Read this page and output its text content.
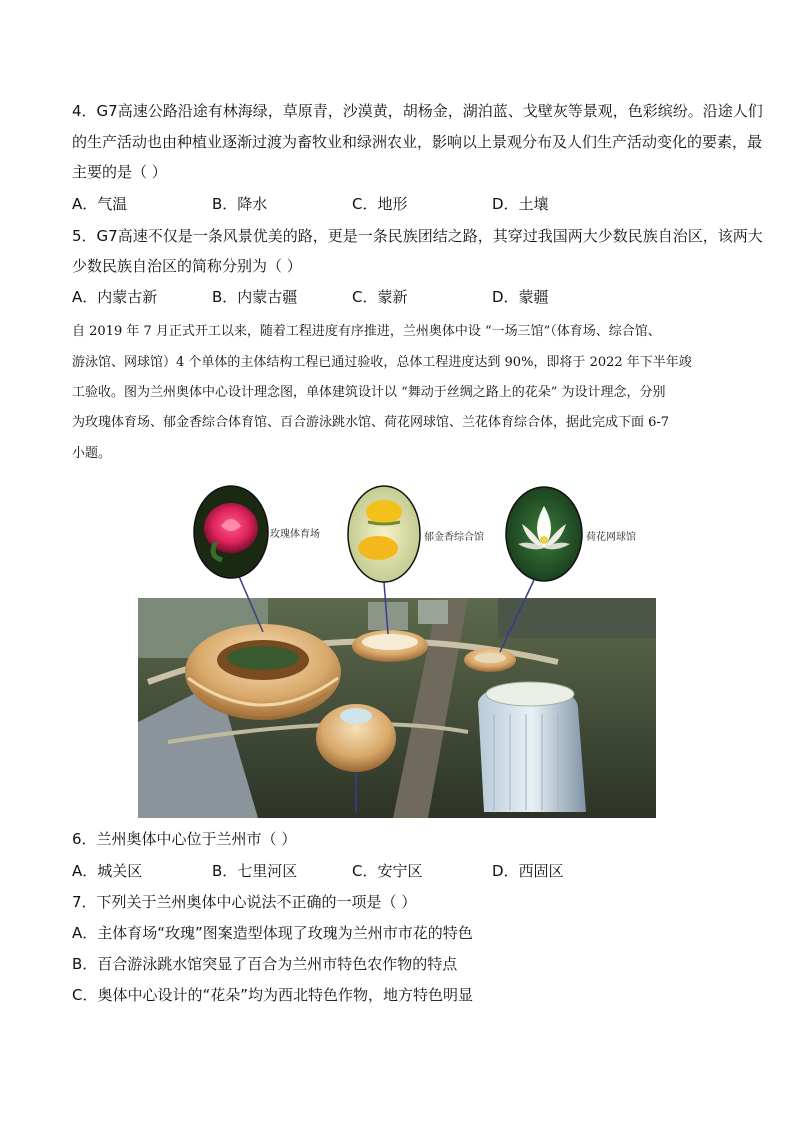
4．G7高速公路沿途有林海绿，草原青，沙漠黄，胡杨金，湖泊蓝、戈壁灰等景观，色彩缤纷。沿途人们
的生产活动也由种植业逐渐过渡为畜牧业和绿洲农业，影响以上景观分布及人们生产活动变化的要素，最
主要的是（ ）
A．气温	B．降水	C．地形	D．土壤
5．G7高速不仅是一条风景优美的路，更是一条民族团结之路，其穿过我国两大少数民族自治区，该两大
少数民族自治区的简称分别为（ ）
A．内蒙古新	B．内蒙古疆	C．蒙新	D．蒙疆
自 2019 年 7 月正式开工以来，随着工程进度有序推进，兰州奥体中设 “一场三馆”（体育场、综合馆、
游泳馆、网球馆）4 个单体的主体结构工程已通过验收，总体工程进度达到 90%，即将于 2022 年下半年竣
工验收。图为兰州奥体中心设计理念图，单体建筑设计以 “舞动于丝绸之路上的花朵” 为设计理念，分别
为玫瑰体育场、郁金香综合体育馆、百合游泳跳水馆、荷花网球馆、兰花体育综合体，据此完成下面 6-7
小题。
玫瑰体育场	郁金香综合馆	荷花网球馆
6．兰州奥体中心位于兰州市（ ）
A．城关区	B．七里河区	C．安宁区	D．西固区
7．下列关于兰州奥体中心说法不正确的一项是（ ）
A．主体育场“玫瑰”图案造型体现了玫瑰为兰州市市花的特色
B．百合游泳跳水馆突显了百合为兰州市特色农作物的特点
C．奥体中心设计的“花朵”均为西北特色作物，地方特色明显
